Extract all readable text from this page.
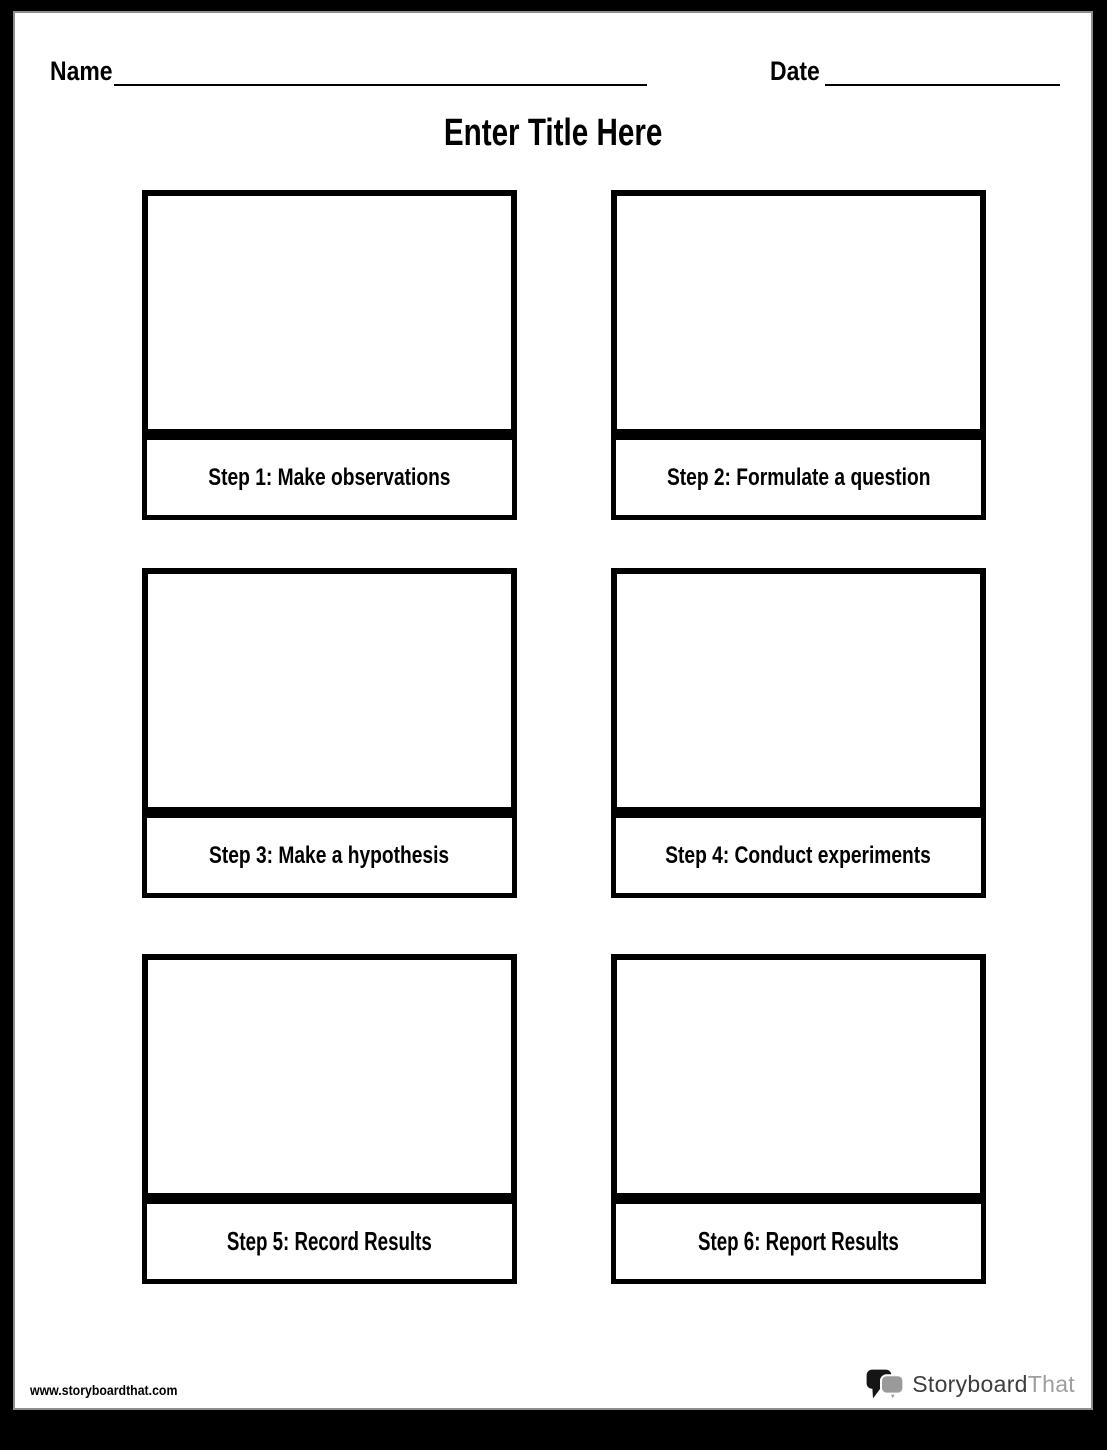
Name	Date
Enter Title Here
Step 1: Make observations	Step 2: Formulate a question
Step 3: Make a hypothesis	Step 4: Conduct experiments
Step 5: Record Results	Step 6: Report Results
www.storyboardthat.com	StoryboardThat
